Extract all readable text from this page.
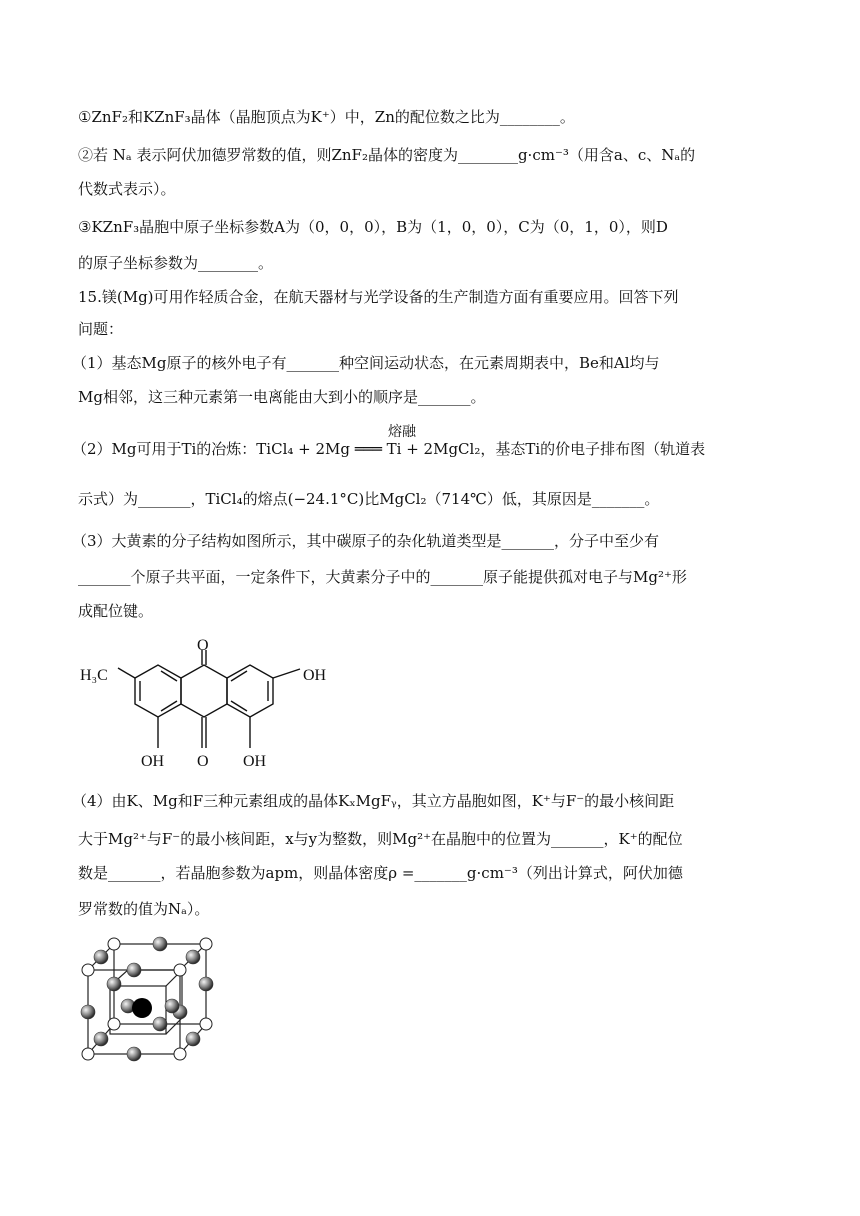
①ZnF₂和KZnF₃晶体（晶胞顶点为K⁺）中，Zn的配位数之比为________。
②若 Nₐ 表示阿伏加德罗常数的值，则ZnF₂晶体的密度为________g·cm⁻³（用含a、c、Nₐ的
代数式表示）。
③KZnF₃晶胞中原子坐标参数A为（0，0，0），B为（1，0，0），C为（0，1，0），则D
的原子坐标参数为________。
15.镁(Mg)可用作轻质合金，在航天器材与光学设备的生产制造方面有重要应用。回答下列
问题：
（1）基态Mg原子的核外电子有_______种空间运动状态，在元素周期表中，Be和Al均与
Mg相邻，这三种元素第一电离能由大到小的顺序是_______。
熔融
（2）Mg可用于Ti的冶炼：TiCl₄ + 2Mg ═══ Ti + 2MgCl₂，基态Ti的价电子排布图（轨道表
示式）为_______，TiCl₄的熔点(−24.1°C)比MgCl₂（714℃）低，其原因是_______。
（3）大黄素的分子结构如图所示，其中碳原子的杂化轨道类型是_______，分子中至少有
_______个原子共平面，一定条件下，大黄素分子中的_______原子能提供孤对电子与Mg²⁺形
成配位键。
H₃C
O
OH
OH O OH
（4）由K、Mg和F三种元素组成的晶体KₓMgFᵧ，其立方晶胞如图，K⁺与F⁻的最小核间距
大于Mg²⁺与F⁻的最小核间距，x与y为整数，则Mg²⁺在晶胞中的位置为_______，K⁺的配位
数是_______，若晶胞参数为apm，则晶体密度ρ =_______g·cm⁻³（列出计算式，阿伏加德
罗常数的值为Nₐ）。
